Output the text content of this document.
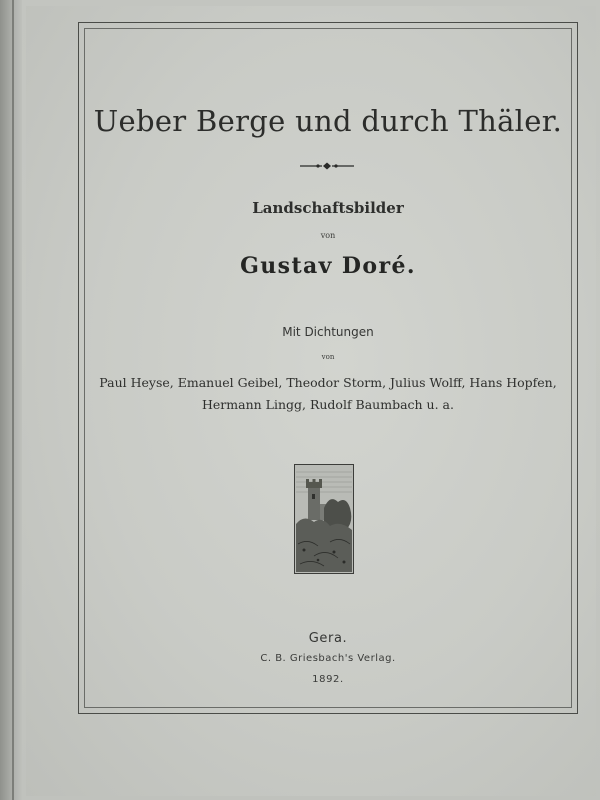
Ueber Berge und durch Thäler.
Landschaftsbilder
von
Gustav Doré.
Mit Dichtungen
von
Paul Heyse, Emanuel Geibel, Theodor Storm, Julius Wolff, Hans Hopfen,
Hermann Lingg, Rudolf Baumbach u. a.
Gera.
C. B. Griesbach's Verlag.
1892.
